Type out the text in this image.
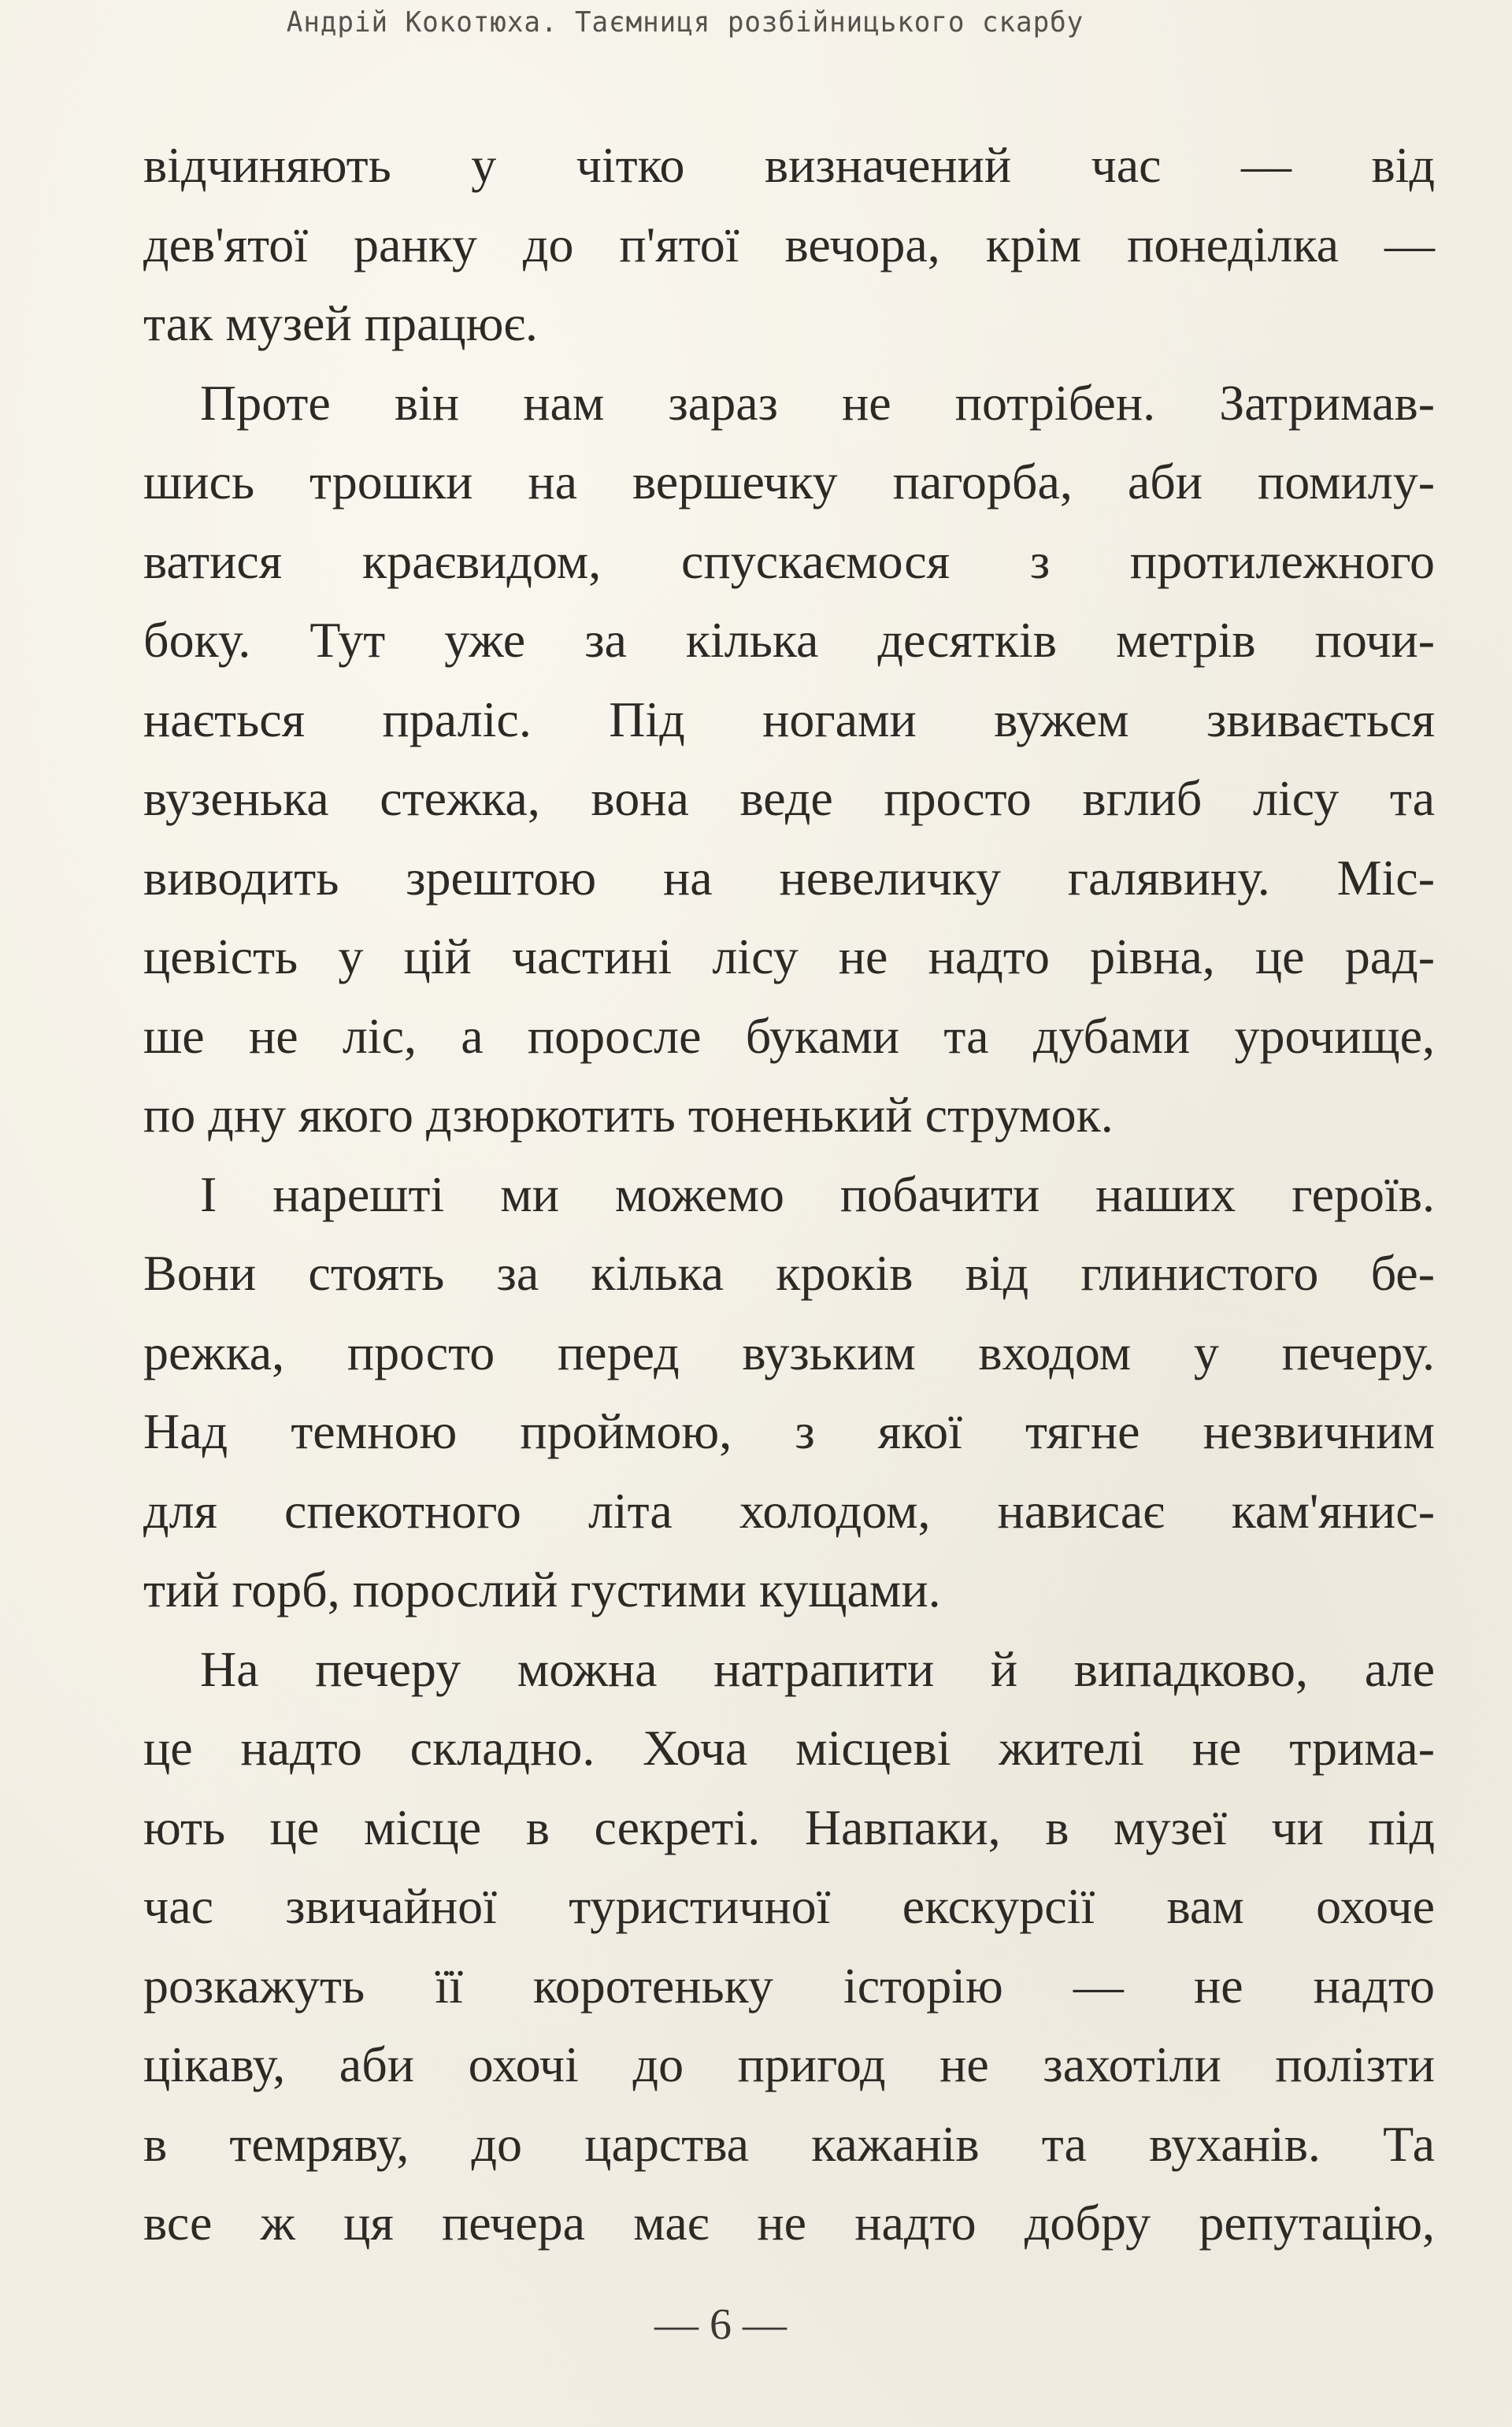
Андрій Кокотюха. Таємниця розбійницького скарбу
відчиняють у чітко визначений час — від
дев'ятої ранку до п'ятої вечора, крім понеділка —
так музей працює.
Проте він нам зараз не потрібен. Затримав-
шись трошки на вершечку пагорба, аби помилу-
ватися краєвидом, спускаємося з протилежного
боку. Тут уже за кілька десятків метрів почи-
нається праліс. Під ногами вужем звивається
вузенька стежка, вона веде просто вглиб лісу та
виводить зрештою на невеличку галявину. Міс-
цевість у цій частині лісу не надто рівна, це рад-
ше не ліс, а поросле буками та дубами урочище,
по дну якого дзюркотить тоненький струмок.
І нарешті ми можемо побачити наших героїв.
Вони стоять за кілька кроків від глинистого бе-
режка, просто перед вузьким входом у печеру.
Над темною проймою, з якої тягне незвичним
для спекотного літа холодом, нависає кам'янис-
тий горб, порослий густими кущами.
На печеру можна натрапити й випадково, але
це надто складно. Хоча місцеві жителі не трима-
ють це місце в секреті. Навпаки, в музеї чи під
час звичайної туристичної екскурсії вам охоче
розкажуть її коротеньку історію — не надто
цікаву, аби охочі до пригод не захотіли полізти
в темряву, до царства кажанів та вуханів. Та
все ж ця печера має не надто добру репутацію,
— 6 —
